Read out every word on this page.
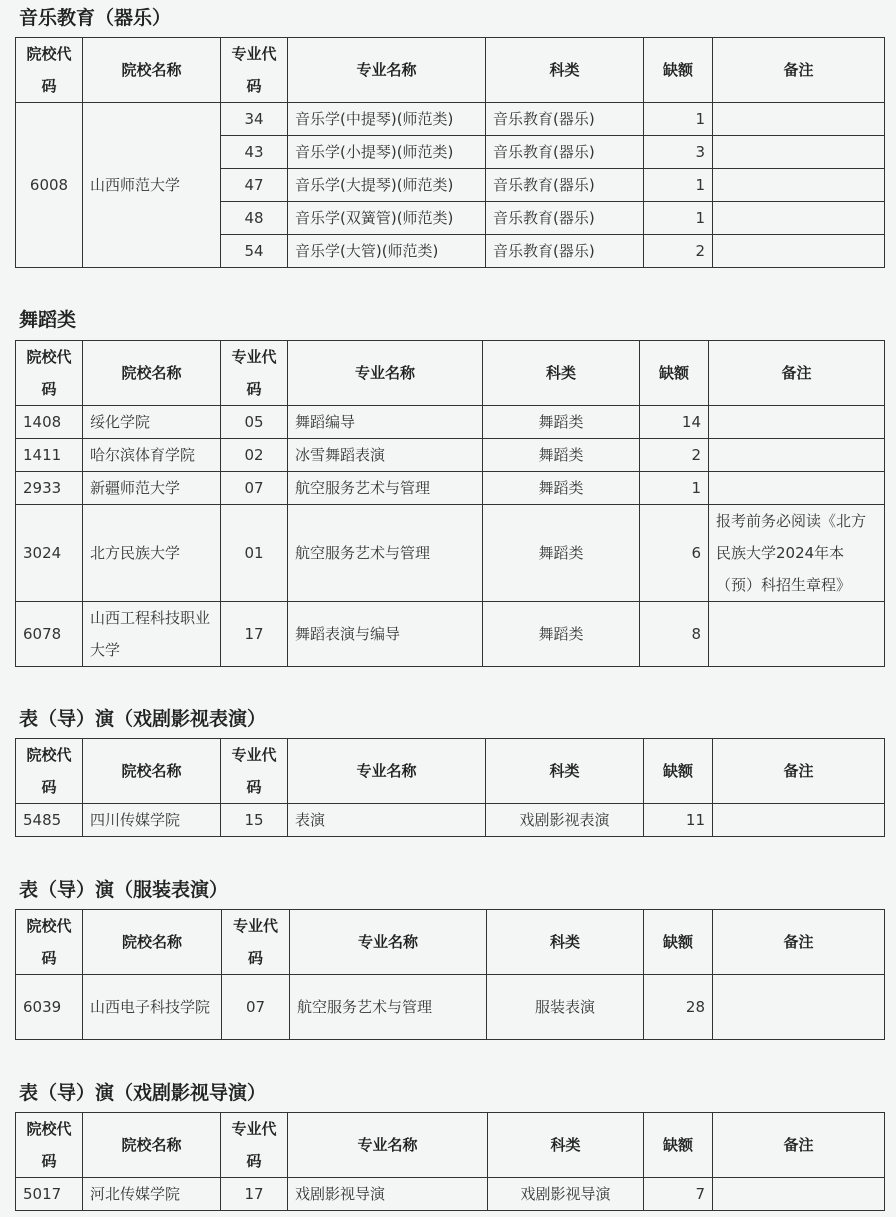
音乐教育（器乐）
院校代码	院校名称	专业代码	专业名称	科类	缺额	备注
6008	山西师范大学	34	音乐学(中提琴)(师范类)	音乐教育(器乐)	1	
		43	音乐学(小提琴)(师范类)	音乐教育(器乐)	3	
		47	音乐学(大提琴)(师范类)	音乐教育(器乐)	1	
		48	音乐学(双簧管)(师范类)	音乐教育(器乐)	1	
		54	音乐学(大管)(师范类)	音乐教育(器乐)	2	
舞蹈类
院校代码	院校名称	专业代码	专业名称	科类	缺额	备注
1408	绥化学院	05	舞蹈编导	舞蹈类	14	
1411	哈尔滨体育学院	02	冰雪舞蹈表演	舞蹈类	2	
2933	新疆师范大学	07	航空服务艺术与管理	舞蹈类	1	
3024	北方民族大学	01	航空服务艺术与管理	舞蹈类	6	报考前务必阅读《北方民族大学2024年本（预）科招生章程》
6078	山西工程科技职业大学	17	舞蹈表演与编导	舞蹈类	8	
表（导）演（戏剧影视表演）
院校代码	院校名称	专业代码	专业名称	科类	缺额	备注
5485	四川传媒学院	15	表演	戏剧影视表演	11	
表（导）演（服装表演）
院校代码	院校名称	专业代码	专业名称	科类	缺额	备注
6039	山西电子科技学院	07	航空服务艺术与管理	服装表演	28	
表（导）演（戏剧影视导演）
院校代码	院校名称	专业代码	专业名称	科类	缺额	备注
5017	河北传媒学院	17	戏剧影视导演	戏剧影视导演	7	
